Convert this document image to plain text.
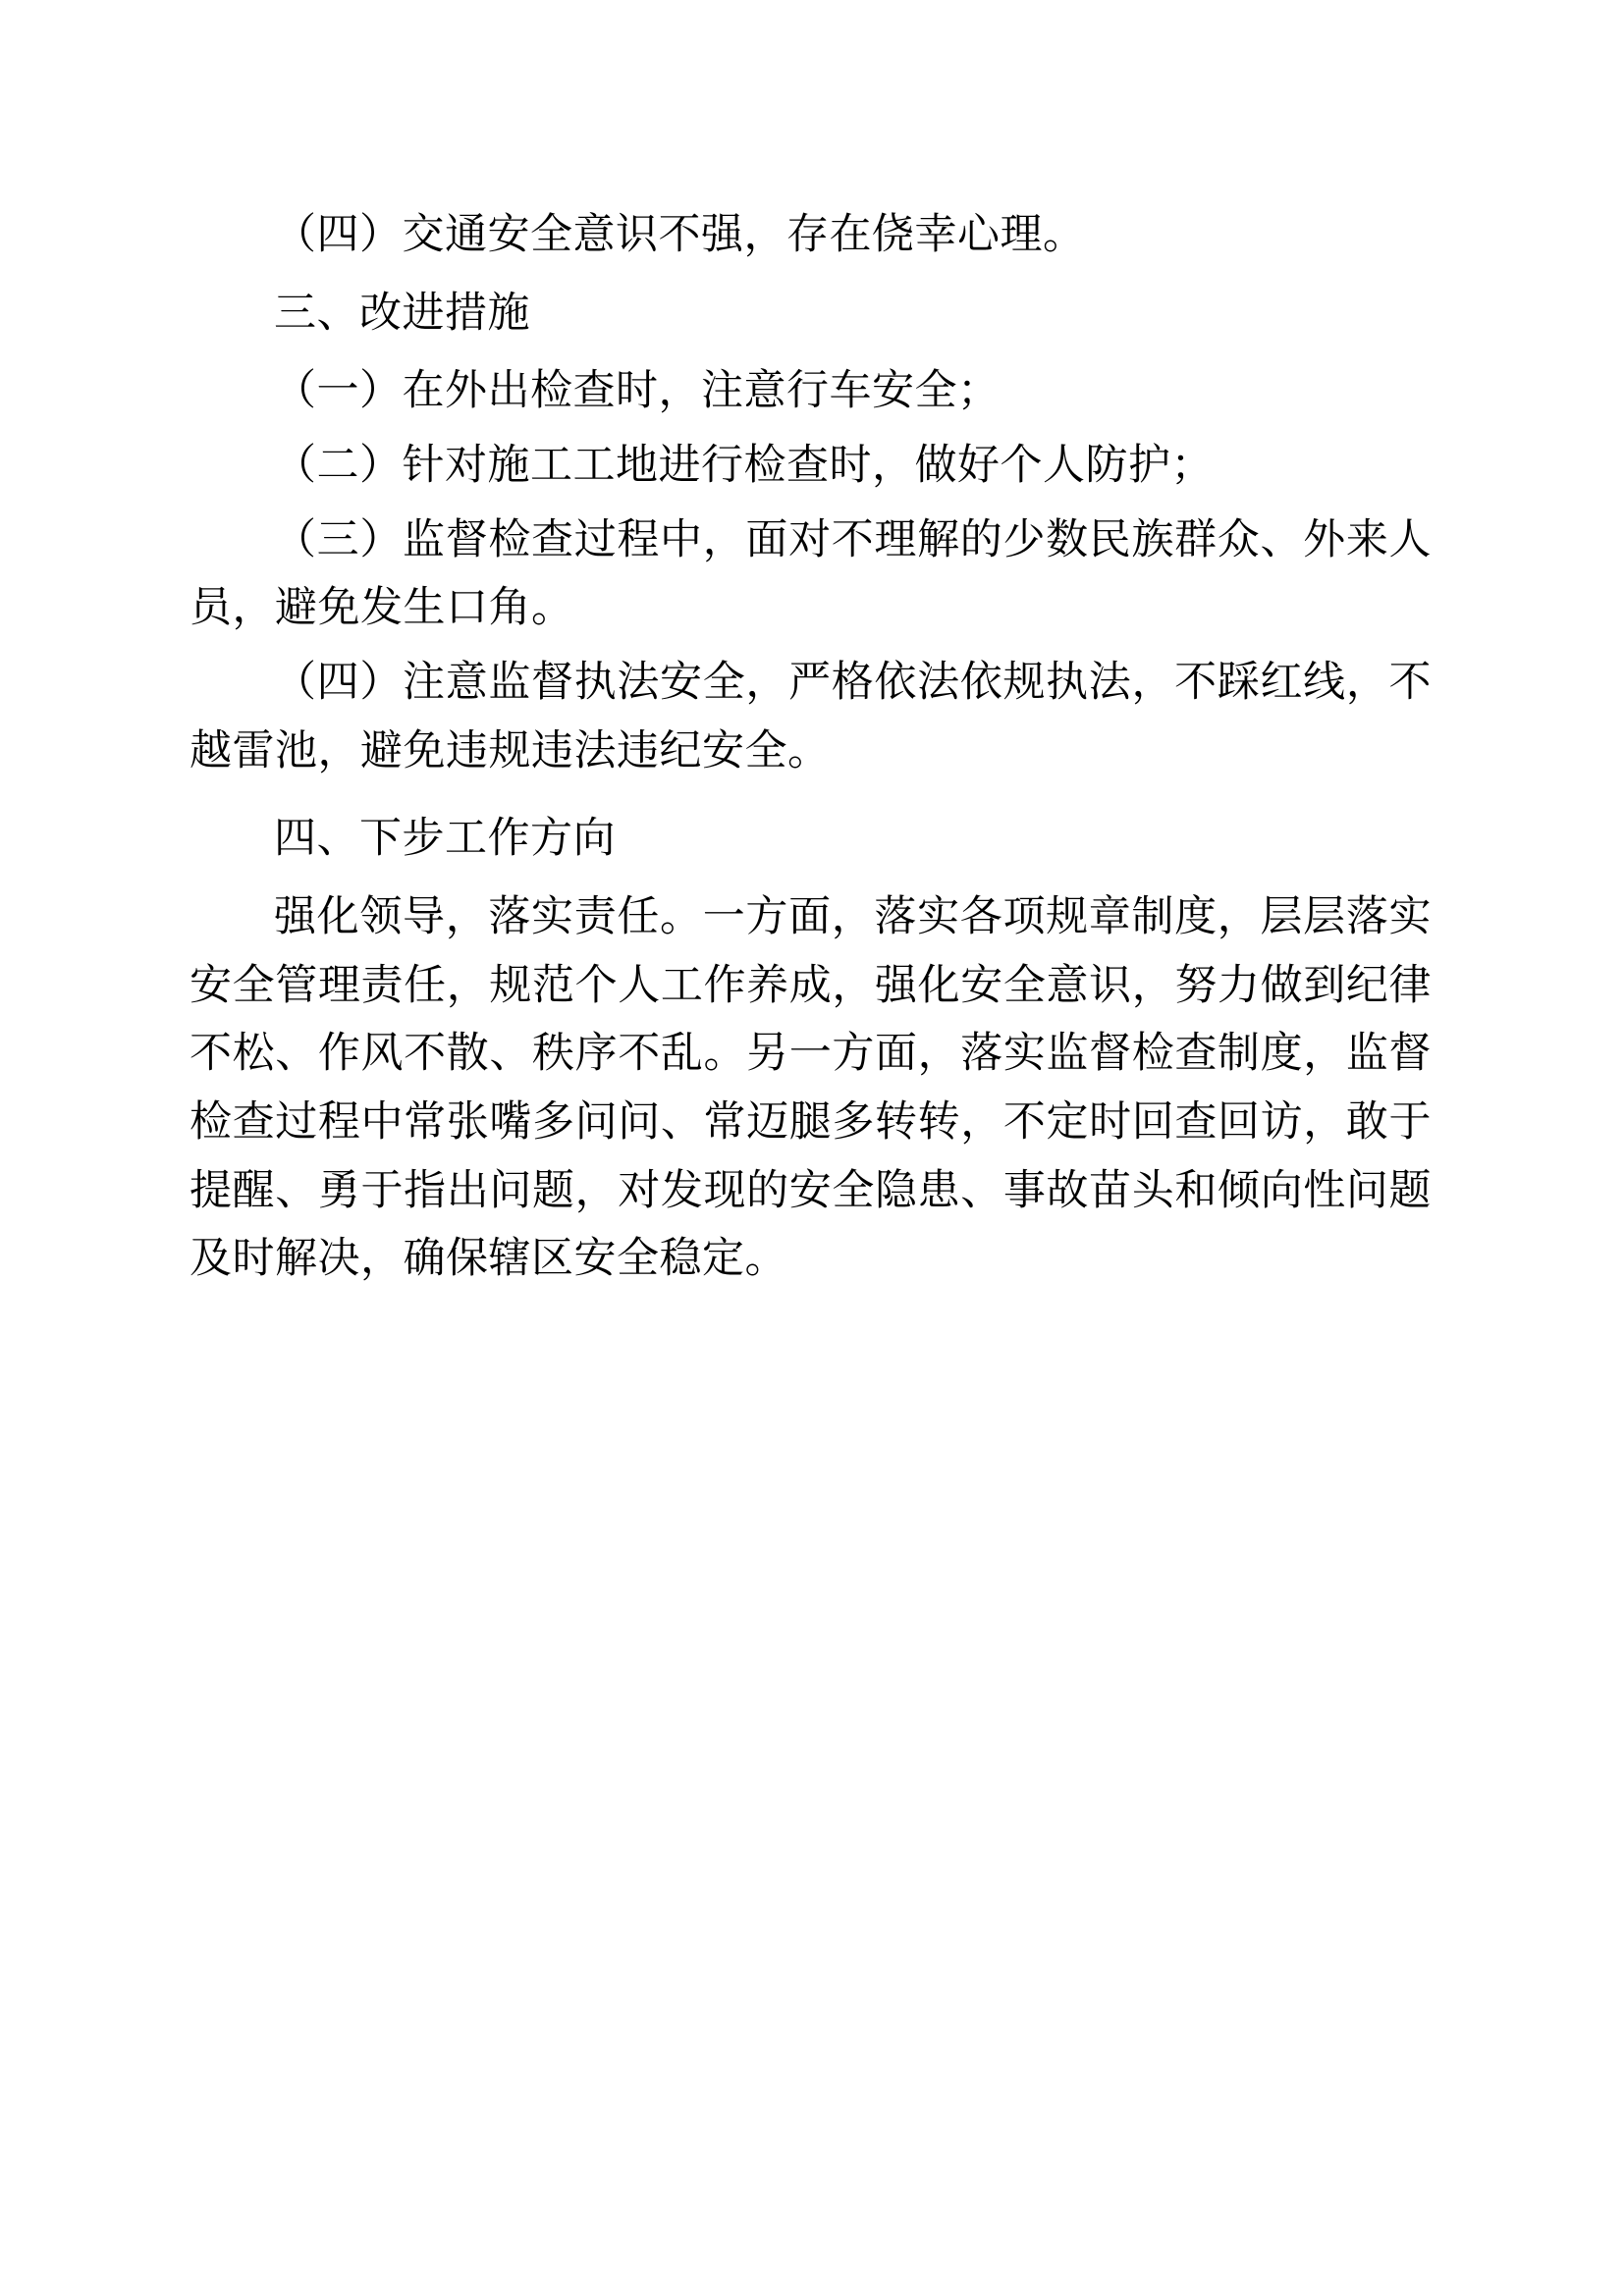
（四）交通安全意识不强，存在侥幸心理。

三、改进措施

（一）在外出检查时，注意行车安全；

（二）针对施工工地进行检查时，做好个人防护；

（三）监督检查过程中，面对不理解的少数民族群众、外来人员，避免发生口角。

（四）注意监督执法安全，严格依法依规执法，不踩红线，不越雷池，避免违规违法违纪安全。

四、下步工作方向

强化领导，落实责任。一方面，落实各项规章制度，层层落实安全管理责任，规范个人工作养成，强化安全意识，努力做到纪律不松、作风不散、秩序不乱。另一方面，落实监督检查制度，监督检查过程中常张嘴多问问、常迈腿多转转，不定时回查回访，敢于提醒、勇于指出问题，对发现的安全隐患、事故苗头和倾向性问题及时解决，确保辖区安全稳定。
